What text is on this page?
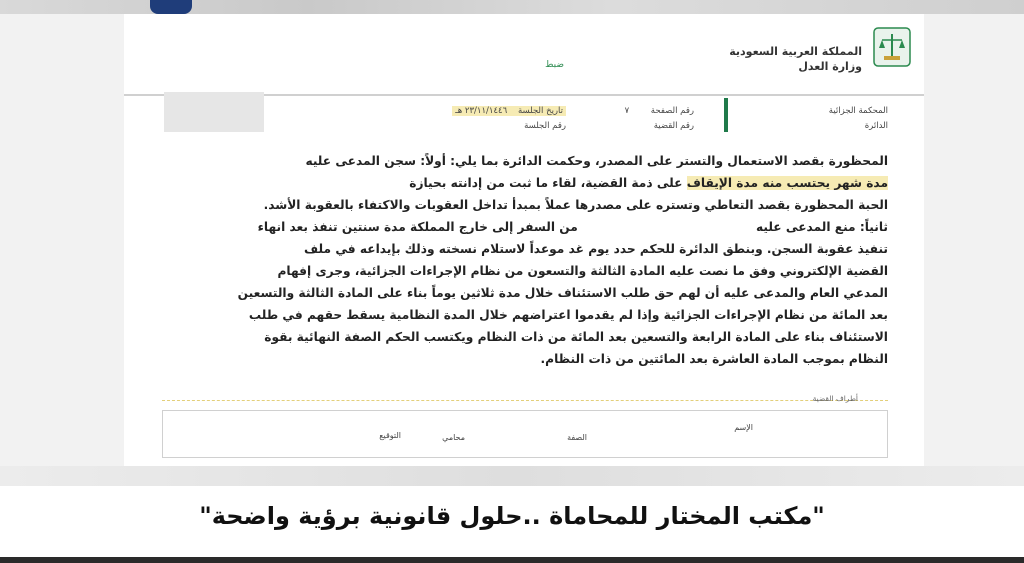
المملكة العربية السعودية
وزارة العدل
ضبط
المحكمة الجزائية
الدائرة
رقم الصفحة        ٧
رقم القضية
تاريخ الجلسة    ٢٣/١١/١٤٤٦ هـ
رقم الجلسة
المحظورة بقصد الاستعمال والتستر على المصدر، وحكمت الدائرة بما يلي: أولاً: سجن المدعى عليه
مدة شهر يحتسب منه مدة الإيقاف على ذمة القضية، لقاء ما ثبت من إدانته بحيازة
الحبة المحظورة بقصد التعاطي وتستره على مصدرها عملاً بمبدأ تداخل العقوبات والاكتفاء بالعقوبة الأشد.
ثانياً: منع المدعى عليه                                          من السفر إلى خارج المملكة مدة سنتين تنفذ بعد انهاء
تنفيذ عقوبة السجن. وبنطق الدائرة للحكم حدد يوم غد موعداً لاستلام نسخته وذلك بإيداعه في ملف
القضية الإلكتروني وفق ما نصت عليه المادة الثالثة والتسعون من نظام الإجراءات الجزائية، وجرى إفهام
المدعي العام والمدعى عليه أن لهم حق طلب الاستئناف خلال مدة ثلاثين يوماً بناء على المادة الثالثة والتسعين
بعد المائة من نظام الإجراءات الجزائية وإذا لم يقدموا اعتراضهم خلال المدة النظامية يسقط حقهم في طلب
الاستئناف بناء على المادة الرابعة والتسعين بعد المائة من ذات النظام ويكتسب الحكم الصفة النهائية بقوة
النظام بموجب المادة العاشرة بعد المائتين من ذات النظام.
أطراف القضية
الإسم
الصفة
محامي
التوقيع
"مكتب المختار للمحاماة ..حلول قانونية برؤية واضحة"
